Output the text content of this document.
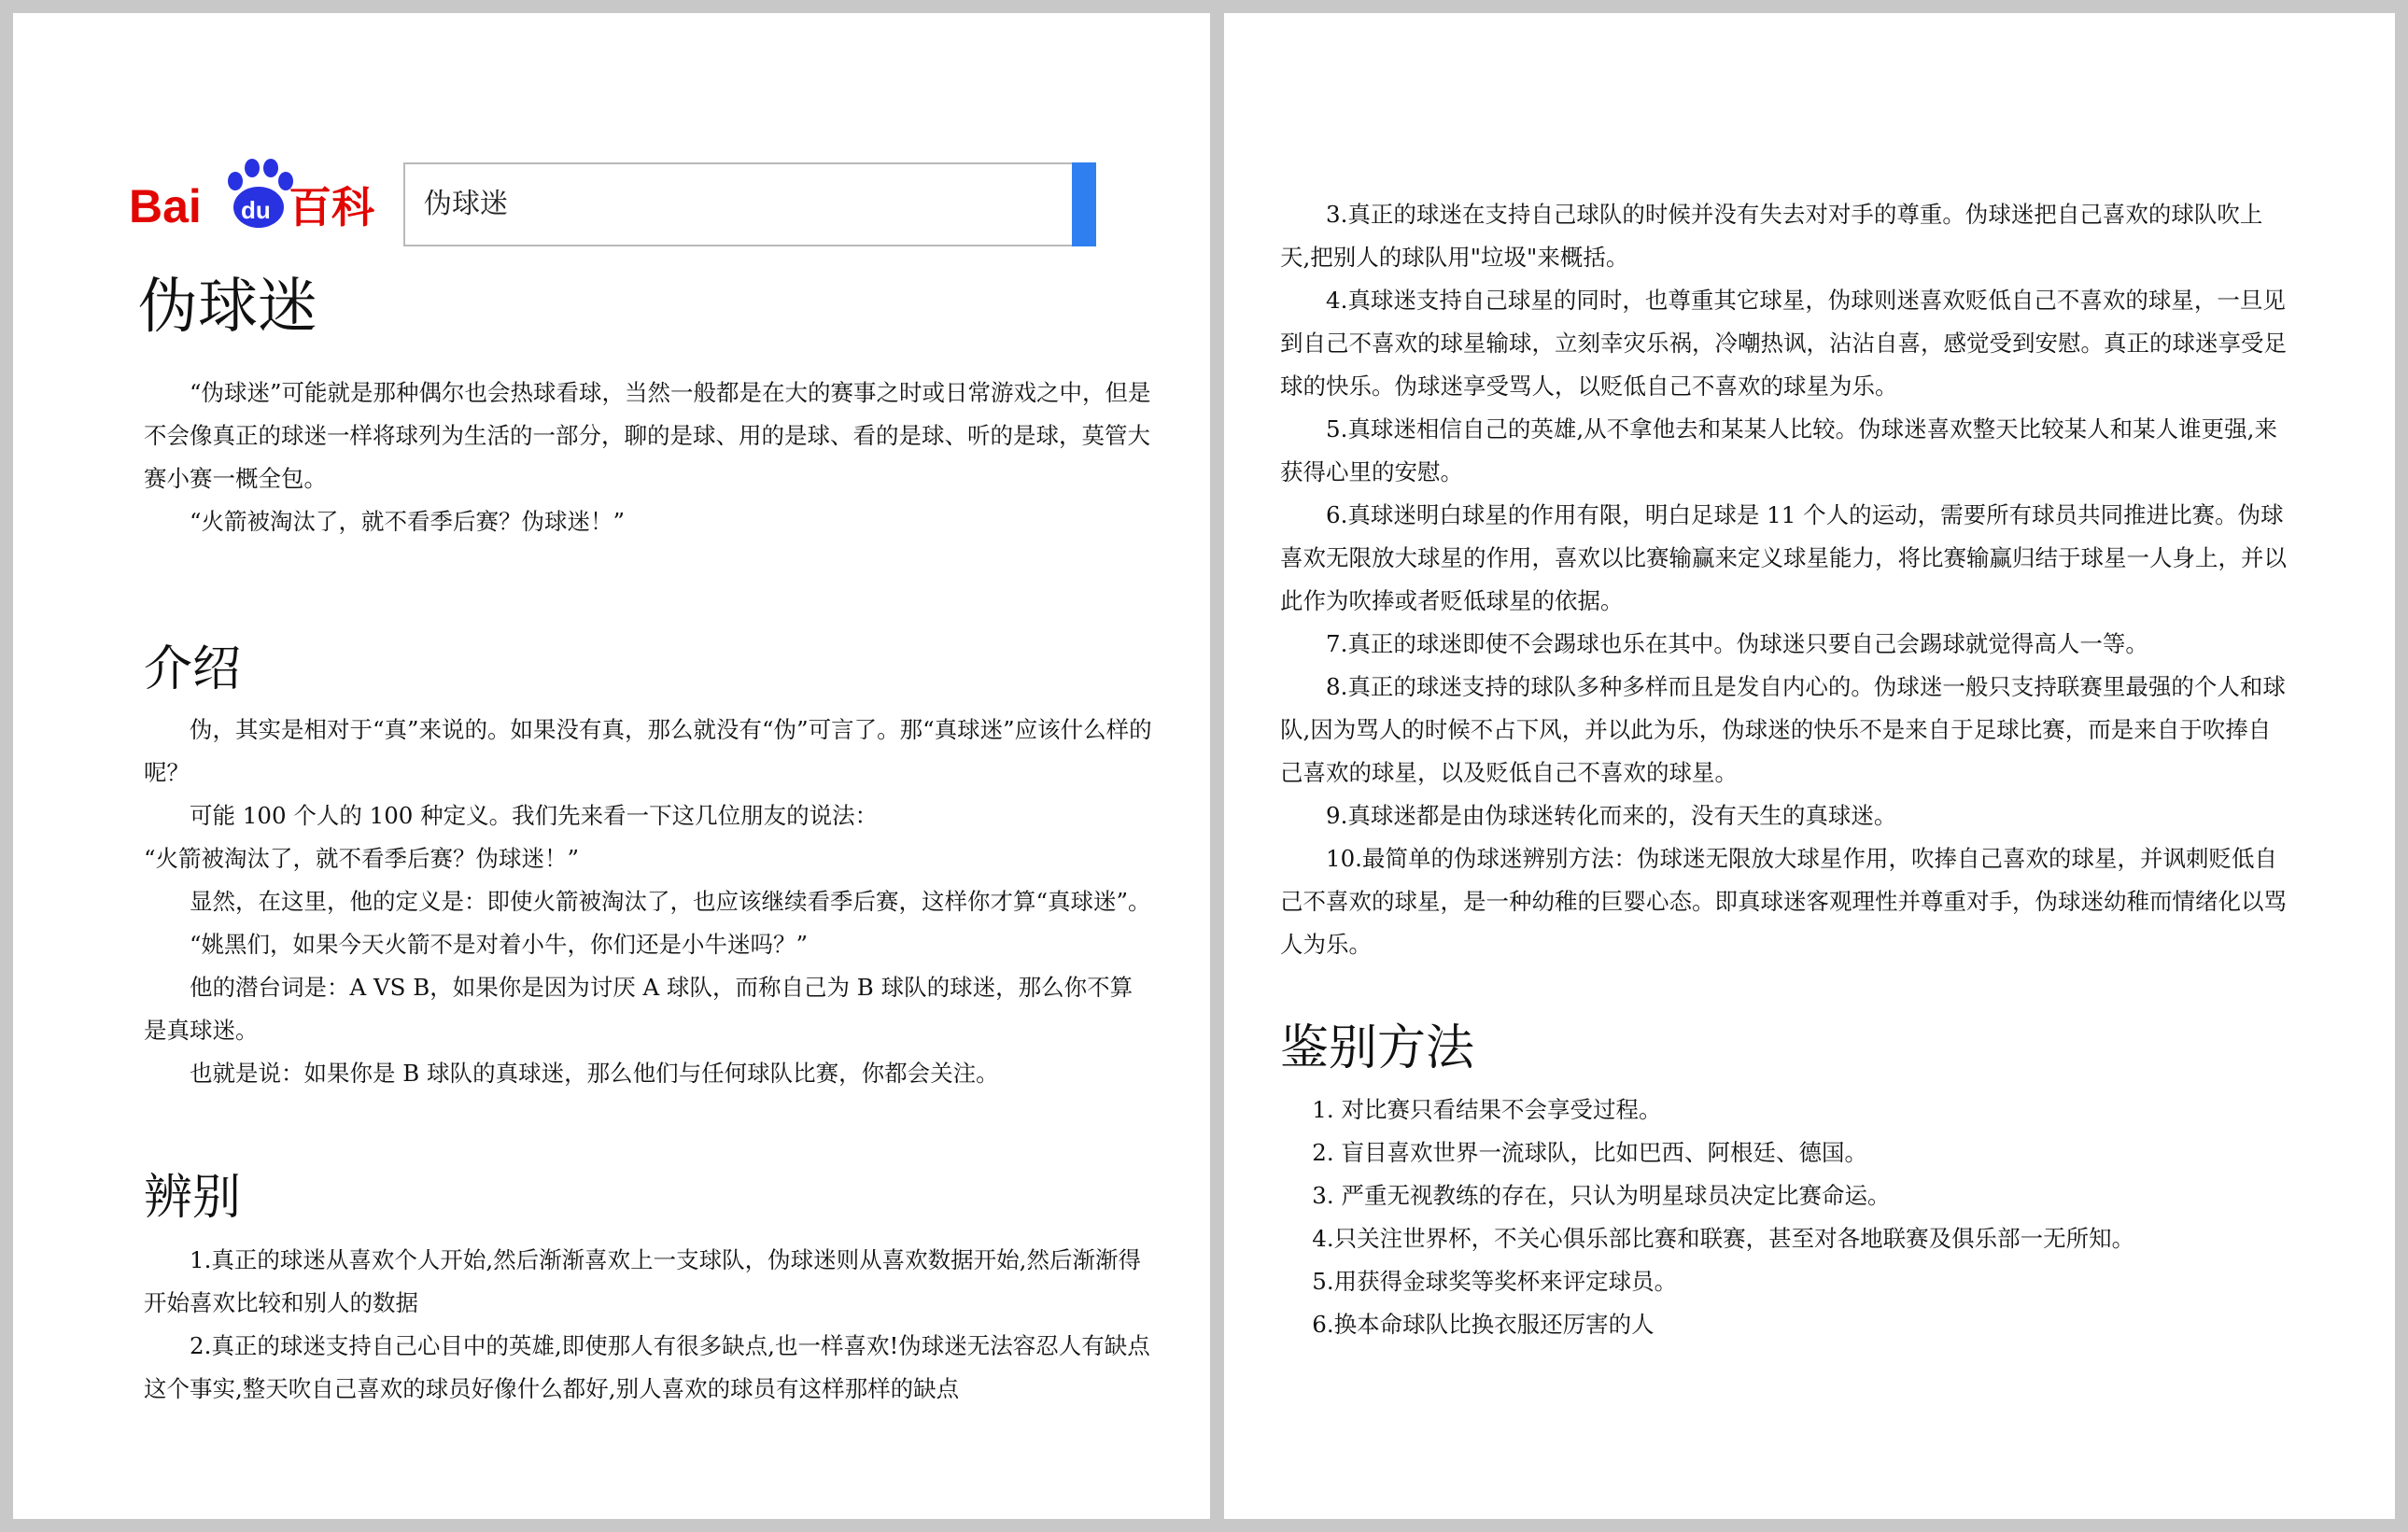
Bai du 百科 伪球迷
伪球迷

“伪球迷”可能就是那种偶尔也会热球看球，当然一般都是在大的赛事之时或日常游戏之中，但是不会像真正的球迷一样将球列为生活的一部分，聊的是球、用的是球、看的是球、听的是球，莫管大赛小赛一概全包。

“火箭被淘汰了，就不看季后赛？伪球迷！”

介绍

伪，其实是相对于“真”来说的。如果没有真，那么就没有“伪”可言了。那“真球迷”应该什么样的呢？

可能 100 个人的 100 种定义。我们先来看一下这几位朋友的说法：

“火箭被淘汰了，就不看季后赛？伪球迷！”

显然，在这里，他的定义是：即使火箭被淘汰了，也应该继续看季后赛，这样你才算“真球迷”。

“姚黑们，如果今天火箭不是对着小牛，你们还是小牛迷吗？”

他的潜台词是：A VS B，如果你是因为讨厌 A 球队，而称自己为 B 球队的球迷，那么你不算是真球迷。

也就是说：如果你是 B 球队的真球迷，那么他们与任何球队比赛，你都会关注。

辨别

1.真正的球迷从喜欢个人开始,然后渐渐喜欢上一支球队，伪球迷则从喜欢数据开始,然后渐渐得开始喜欢比较和别人的数据

2.真正的球迷支持自己心目中的英雄,即使那人有很多缺点,也一样喜欢!伪球迷无法容忍人有缺点这个事实,整天吹自己喜欢的球员好像什么都好,别人喜欢的球员有这样那样的缺点

3.真正的球迷在支持自己球队的时候并没有失去对对手的尊重。伪球迷把自己喜欢的球队吹上天,把别人的球队用"垃圾"来概括。

4.真球迷支持自己球星的同时，也尊重其它球星，伪球则迷喜欢贬低自己不喜欢的球星，一旦见到自己不喜欢的球星输球，立刻幸灾乐祸，冷嘲热讽，沾沾自喜，感觉受到安慰。真正的球迷享受足球的快乐。伪球迷享受骂人，以贬低自己不喜欢的球星为乐。

5.真球迷相信自己的英雄,从不拿他去和某某人比较。伪球迷喜欢整天比较某人和某人谁更强,来获得心里的安慰。

6.真球迷明白球星的作用有限，明白足球是 11 个人的运动，需要所有球员共同推进比赛。伪球喜欢无限放大球星的作用，喜欢以比赛输赢来定义球星能力，将比赛输赢归结于球星一人身上，并以此作为吹捧或者贬低球星的依据。

7.真正的球迷即使不会踢球也乐在其中。伪球迷只要自己会踢球就觉得高人一等。

8.真正的球迷支持的球队多种多样而且是发自内心的。伪球迷一般只支持联赛里最强的个人和球队,因为骂人的时候不占下风，并以此为乐，伪球迷的快乐不是来自于足球比赛，而是来自于吹捧自己喜欢的球星，以及贬低自己不喜欢的球星。

9.真球迷都是由伪球迷转化而来的，没有天生的真球迷。

10.最简单的伪球迷辨别方法：伪球迷无限放大球星作用，吹捧自己喜欢的球星，并讽刺贬低自己不喜欢的球星，是一种幼稚的巨婴心态。即真球迷客观理性并尊重对手，伪球迷幼稚而情绪化以骂人为乐。

鉴别方法

1. 对比赛只看结果不会享受过程。

2. 盲目喜欢世界一流球队，比如巴西、阿根廷、德国。

3. 严重无视教练的存在，只认为明星球员决定比赛命运。

4.只关注世界杯，不关心俱乐部比赛和联赛，甚至对各地联赛及俱乐部一无所知。

5.用获得金球奖等奖杯来评定球员。

6.换本命球队比换衣服还厉害的人
